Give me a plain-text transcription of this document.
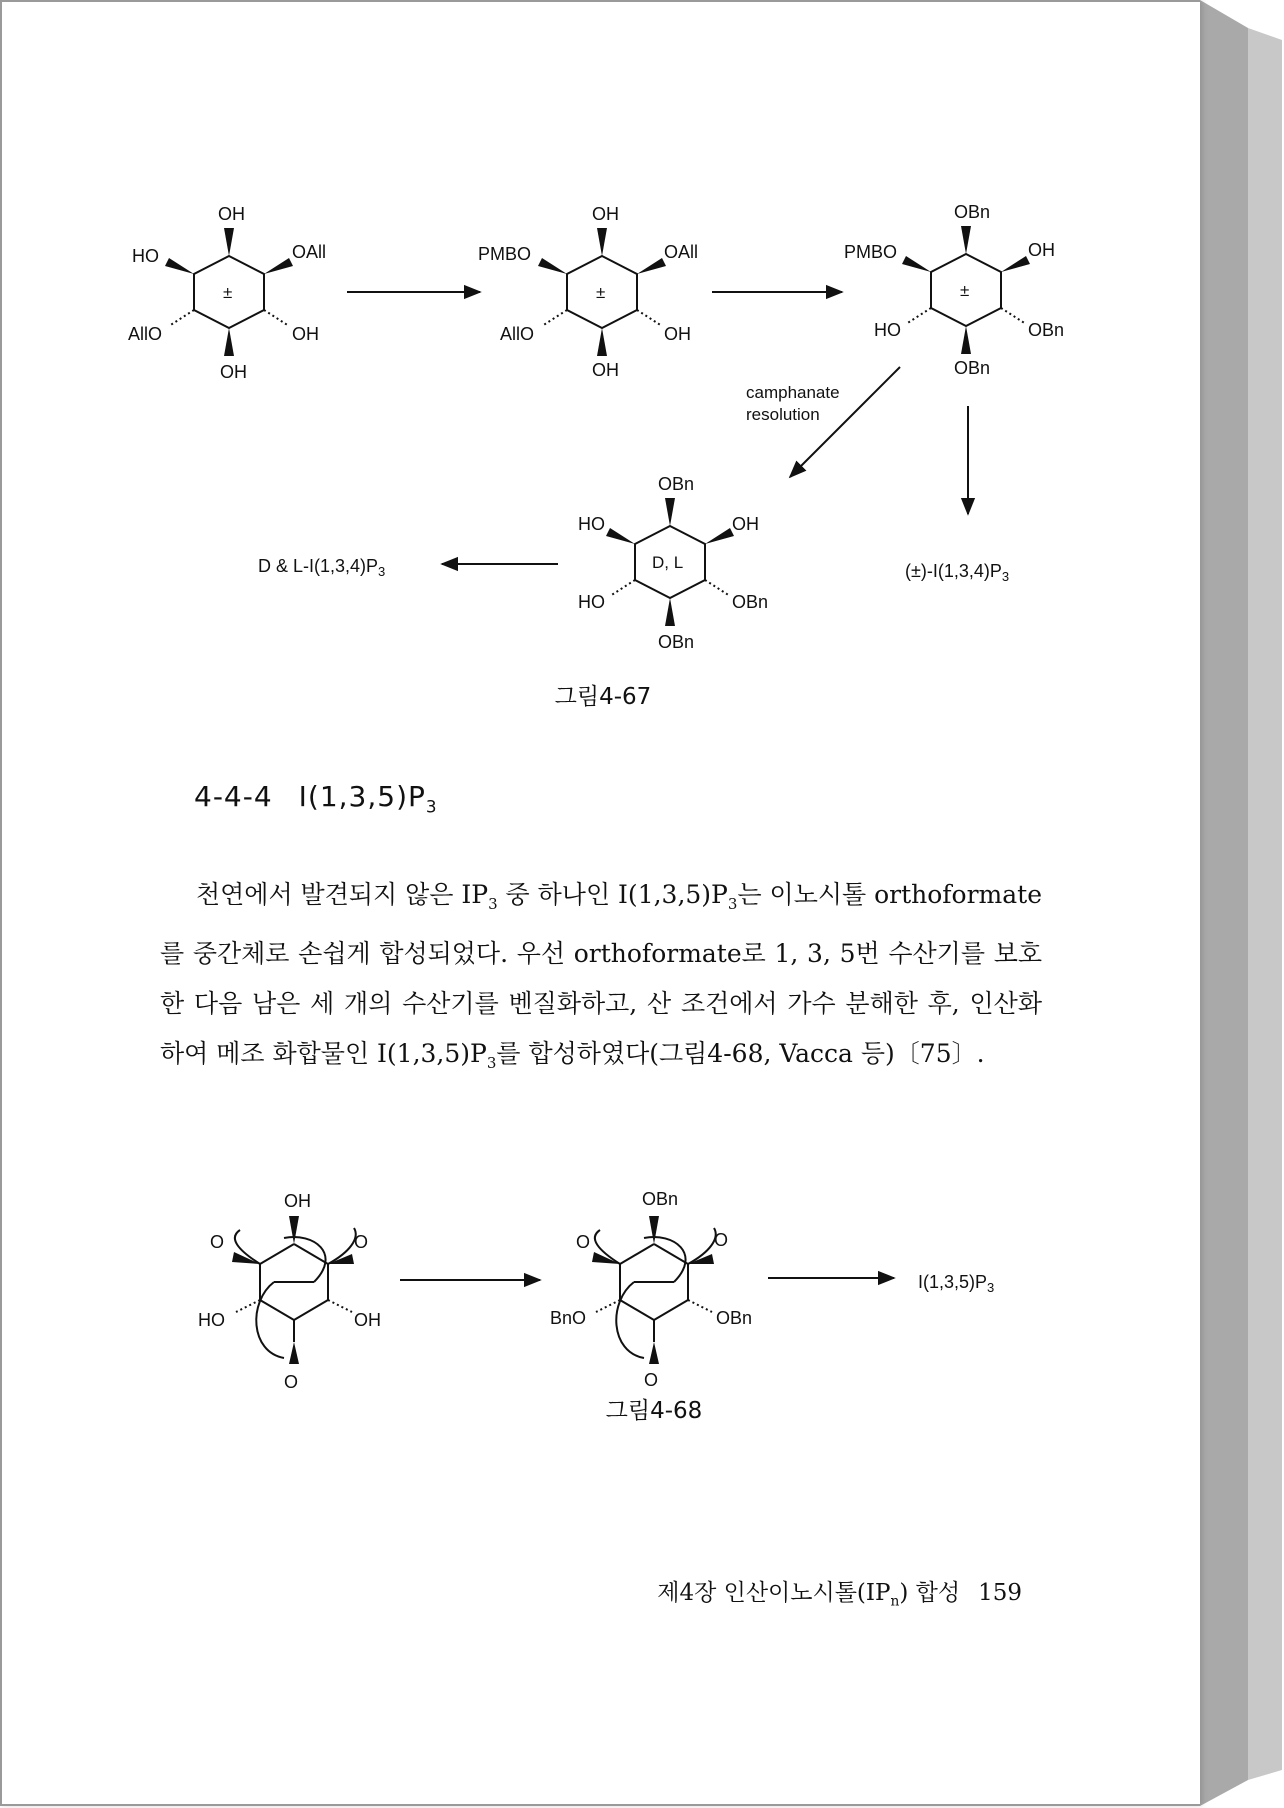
OH
HO	OAll
±
AllO	OH
OH
OH
PMBO	OAll
±
AllO	OH
OH
OBn
PMBO	OH
±
HO	OBn
OBn
camphanate
resolution
$(\pm)-I(1,3,4)P_3$
OBn
HO	OH
D, L
HO	OBn
OBn
D & $L-I(1,3,4)P_3$
OH
O	O
HO	OH
O
OBn
O	O
BnO	OBn
O
$I(1,3,5)P_3$
그림4-67
4-4-4 $I(1,3,5)P_3$

천연에서 발견되지 않은 $IP_3$ 중 하나인 $I(1,3,5)P_3$는 이노시톨 orthoformate를 중간체로 손쉽게 합성되었다. 우선 orthoformate로 1, 3, 5번 수산기를 보호한 다음 남은 세 개의 수산기를 벤질화하고, 산 조건에서 가수 분해한 후, 인산화하여 메조 화합물인 $I(1,3,5)P_3$를 합성하였다(그림4-68, Vacca 등)〔75〕.

그림4-68
제4장 인산이노시톨$(IP_n)$ 합성 159
